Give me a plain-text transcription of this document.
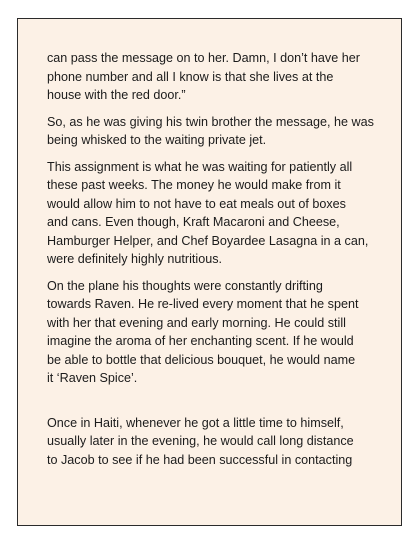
can pass the message on to her. Damn, I don’t have her
phone number and all I know is that she lives at the
house with the red door.”

So, as he was giving his twin brother the message, he was
being whisked to the waiting private jet.

This assignment is what he was waiting for patiently all
these past weeks. The money he would make from it
would allow him to not have to eat meals out of boxes
and cans. Even though, Kraft Macaroni and Cheese,
Hamburger Helper, and Chef Boyardee Lasagna in a can,
were definitely highly nutritious.

On the plane his thoughts were constantly drifting
towards Raven. He re-lived every moment that he spent
with her that evening and early morning. He could still
imagine the aroma of her enchanting scent. If he would
be able to bottle that delicious bouquet, he would name
it ‘Raven Spice’.

Once in Haiti, whenever he got a little time to himself,
usually later in the evening, he would call long distance
to Jacob to see if he had been successful in contacting
